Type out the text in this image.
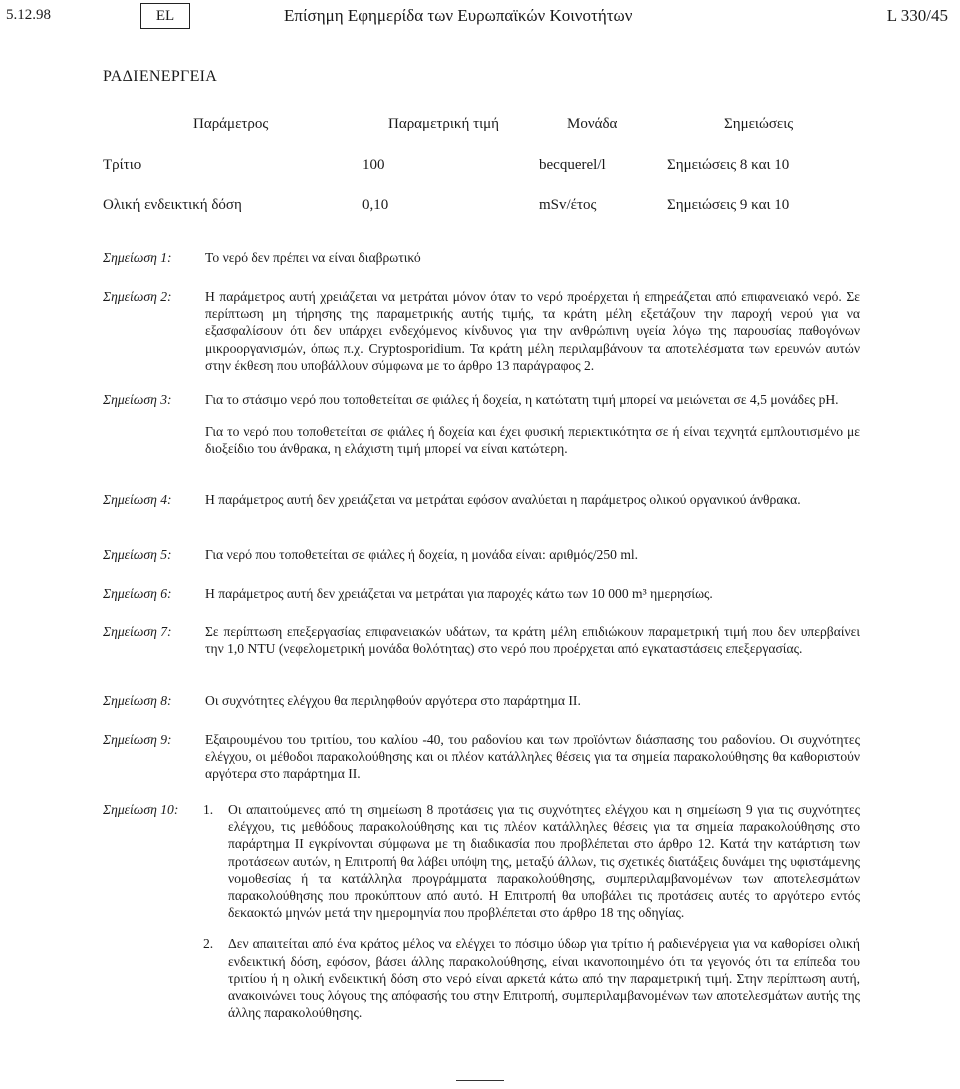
5.12.98	EL	Επίσημη Εφημερίδα των Ευρωπαϊκών Κοινοτήτων	L 330/45
ΡΑΔΙΕΝΕΡΓΕΙΑ
Παράμετρος	Παραμετρική τιμή	Μονάδα	Σημειώσεις
Τρίτιο	100	becquerel/l	Σημειώσεις 8 και 10
Ολική ενδεικτική δόση	0,10	mSv/έτος	Σημειώσεις 9 και 10
Σημείωση 1: Το νερό δεν πρέπει να είναι διαβρωτικό

Σημείωση 2: Η παράμετρος αυτή χρειάζεται να μετράται μόνον όταν το νερό προέρχεται ή επηρεάζεται από επιφανειακό νερό. Σε περίπτωση μη τήρησης της παραμετρικής αυτής τιμής, τα κράτη μέλη εξετάζουν την παροχή νερού για να εξασφαλίσουν ότι δεν υπάρχει ενδεχόμενος κίνδυνος για την ανθρώπινη υγεία λόγω της παρουσίας παθογόνων μικροοργανισμών, όπως π.χ. Cryptosporidium. Τα κράτη μέλη περιλαμβάνουν τα αποτελέσματα των ερευνών αυτών στην έκθεση που υποβάλλουν σύμφωνα με το άρθρο 13 παράγραφος 2.

Σημείωση 3: Για το στάσιμο νερό που τοποθετείται σε φιάλες ή δοχεία, η κατώτατη τιμή μπορεί να μειώνεται σε 4,5 μονάδες pH.

Για το νερό που τοποθετείται σε φιάλες ή δοχεία και έχει φυσική περιεκτικότητα σε ή είναι τεχνητά εμπλουτισμένο με διοξείδιο του άνθρακα, η ελάχιστη τιμή μπορεί να είναι κατώτερη.

Σημείωση 4: Η παράμετρος αυτή δεν χρειάζεται να μετράται εφόσον αναλύεται η παράμετρος ολικού οργανικού άνθρακα.

Σημείωση 5: Για νερό που τοποθετείται σε φιάλες ή δοχεία, η μονάδα είναι: αριθμός/250 ml.

Σημείωση 6: Η παράμετρος αυτή δεν χρειάζεται να μετράται για παροχές κάτω των 10 000 m³ ημερησίως.

Σημείωση 7: Σε περίπτωση επεξεργασίας επιφανειακών υδάτων, τα κράτη μέλη επιδιώκουν παραμετρική τιμή που δεν υπερβαίνει την 1,0 NTU (νεφελομετρική μονάδα θολότητας) στο νερό που προέρχεται από εγκαταστάσεις επεξεργασίας.

Σημείωση 8: Οι συχνότητες ελέγχου θα περιληφθούν αργότερα στο παράρτημα II.

Σημείωση 9: Εξαιρουμένου του τριτίου, του καλίου -40, του ραδονίου και των προϊόντων διάσπασης του ραδονίου. Οι συχνότητες ελέγχου, οι μέθοδοι παρακολούθησης και οι πλέον κατάλληλες θέσεις για τα σημεία παρακολούθησης θα καθοριστούν αργότερα στο παράρτημα II.

Σημείωση 10: 1. Οι απαιτούμενες από τη σημείωση 8 προτάσεις για τις συχνότητες ελέγχου και η σημείωση 9 για τις συχνότητες ελέγχου, τις μεθόδους παρακολούθησης και τις πλέον κατάλληλες θέσεις για τα σημεία παρακολούθησης στο παράρτημα II εγκρίνονται σύμφωνα με τη διαδικασία που προβλέπεται στο άρθρο 12. Κατά την κατάρτιση των προτάσεων αυτών, η Επιτροπή θα λάβει υπόψη της, μεταξύ άλλων, τις σχετικές διατάξεις δυνάμει της υφιστάμενης νομοθεσίας ή τα κατάλληλα προγράμματα παρακολούθησης, συμπεριλαμβανομένων των αποτελεσμάτων παρακολούθησης που προκύπτουν από αυτό. Η Επιτροπή θα υποβάλει τις προτάσεις αυτές το αργότερο εντός δεκαοκτώ μηνών μετά την ημερομηνία που προβλέπεται στο άρθρο 18 της οδηγίας.
2. Δεν απαιτείται από ένα κράτος μέλος να ελέγχει το πόσιμο ύδωρ για τρίτιο ή ραδιενέργεια για να καθορίσει ολική ενδεικτική δόση, εφόσον, βάσει άλλης παρακολούθησης, είναι ικανοποιημένο ότι τα γεγονός ότι τα επίπεδα του τριτίου ή η ολική ενδεικτική δόση στο νερό είναι αρκετά κάτω από την παραμετρική τιμή. Στην περίπτωση αυτή, ανακοινώνει τους λόγους της απόφασής του στην Επιτροπή, συμπεριλαμβανομένων των αποτελεσμάτων αυτής της άλλης παρακολούθησης.
